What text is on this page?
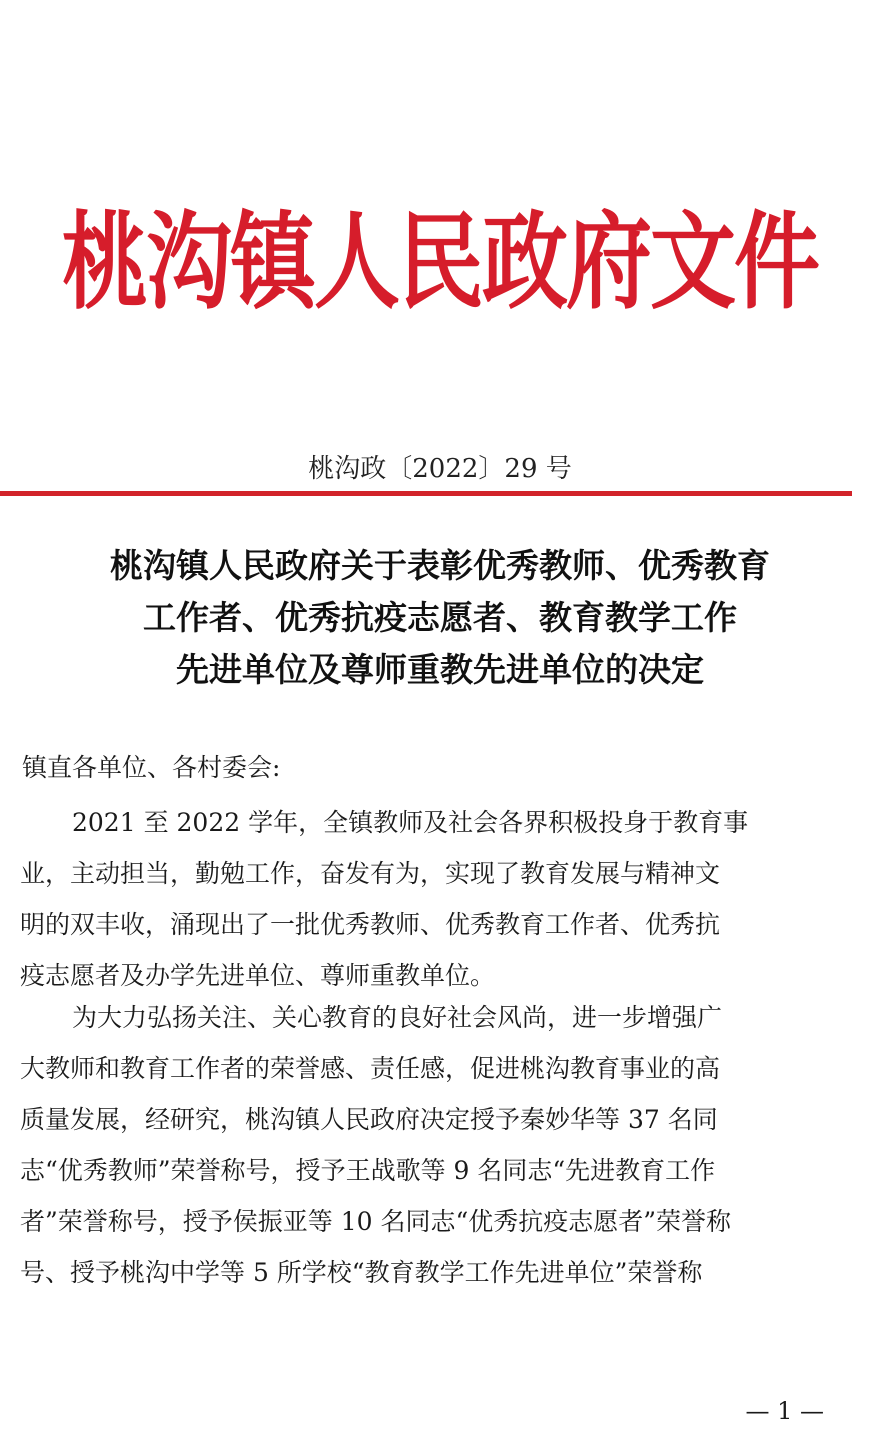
桃沟镇人民政府文件
桃沟政〔2022〕29 号
桃沟镇人民政府关于表彰优秀教师、优秀教育
工作者、优秀抗疫志愿者、教育教学工作
先进单位及尊师重教先进单位的决定
镇直各单位、各村委会:
2021 至 2022 学年，全镇教师及社会各界积极投身于教育事
业，主动担当，勤勉工作，奋发有为，实现了教育发展与精神文
明的双丰收，涌现出了一批优秀教师、优秀教育工作者、优秀抗
疫志愿者及办学先进单位、尊师重教单位。
为大力弘扬关注、关心教育的良好社会风尚，进一步增强广
大教师和教育工作者的荣誉感、责任感，促进桃沟教育事业的高
质量发展，经研究，桃沟镇人民政府决定授予秦妙华等 37 名同
志“优秀教师”荣誉称号，授予王战歌等 9 名同志“先进教育工作
者”荣誉称号，授予侯振亚等 10 名同志“优秀抗疫志愿者”荣誉称
号、授予桃沟中学等 5 所学校“教育教学工作先进单位”荣誉称
— 1 —
